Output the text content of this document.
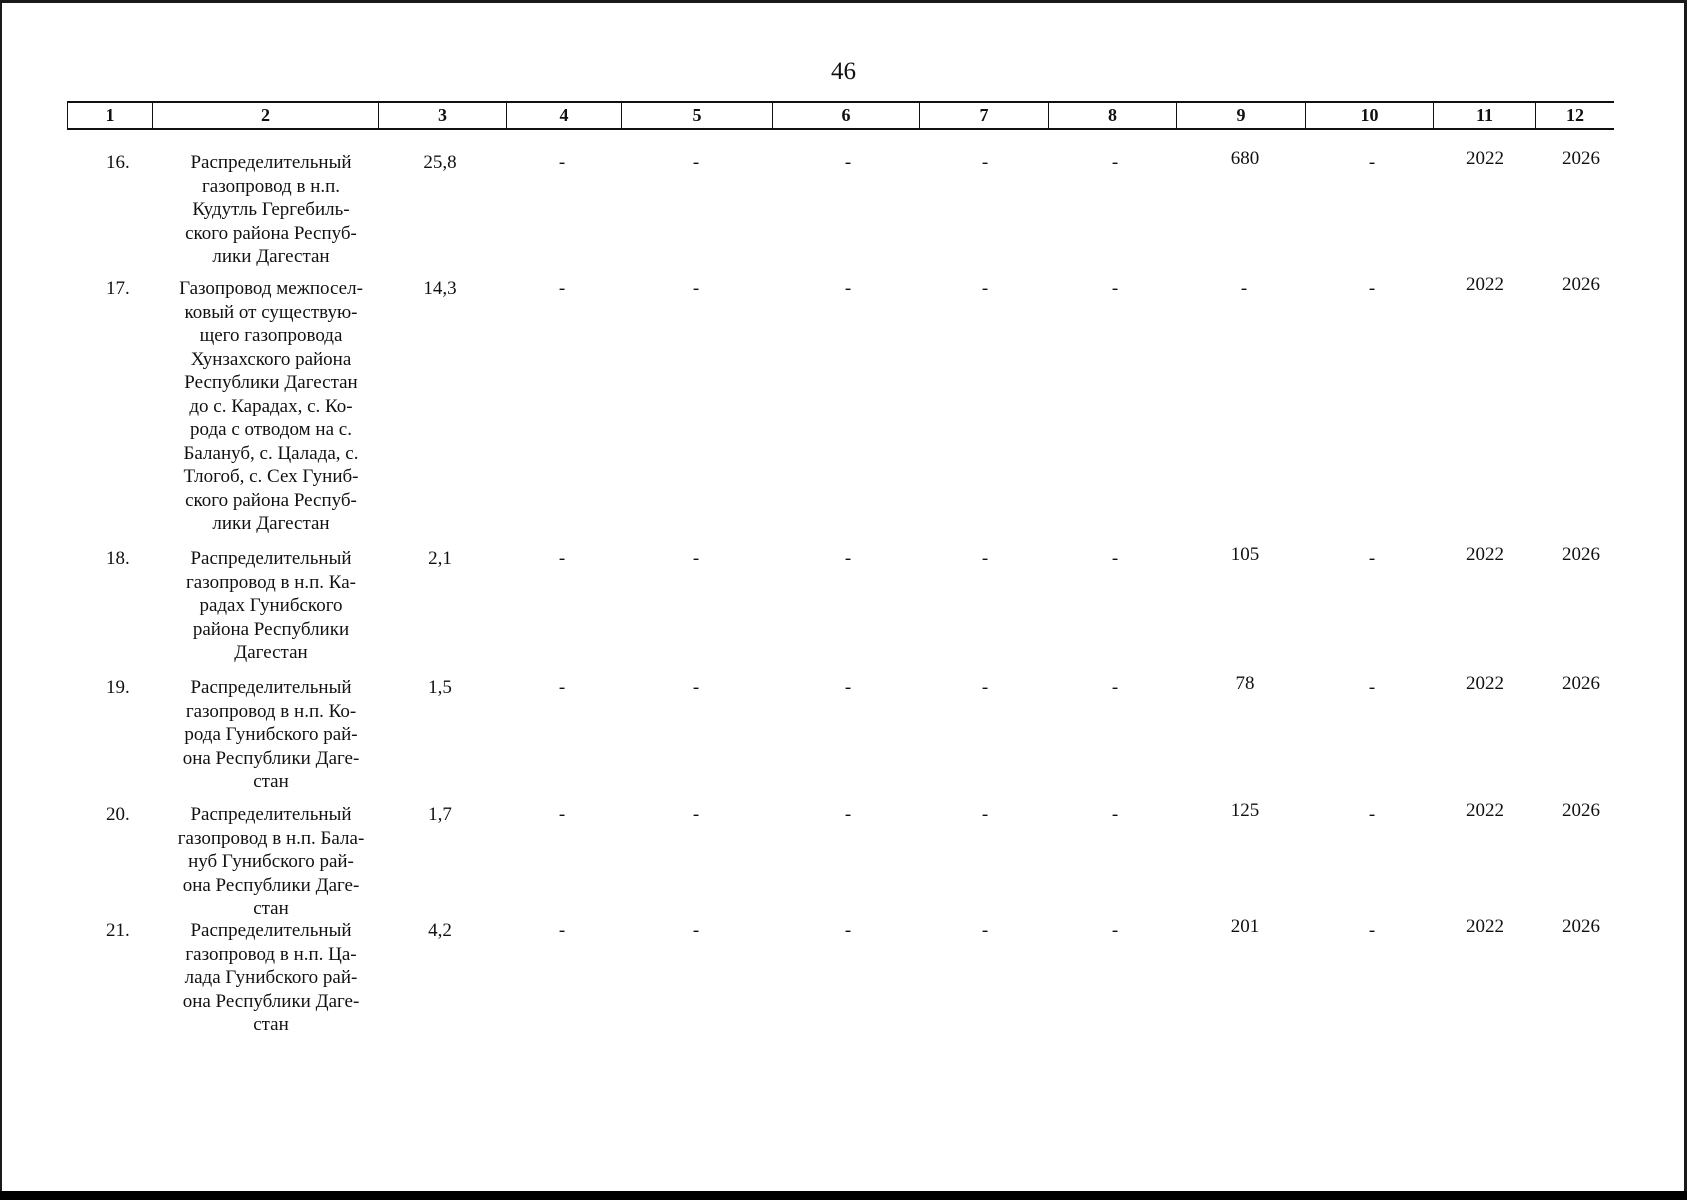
46
1	2	3	4	5	6	7	8	9	10	11	12
16.	Распределительный
газопровод в н.п.
Кудутль Гергебиль-
ского района Респуб-
лики Дагестан
25,8	-	-	-	-	-	680	-	2022	2026
17.	Газопровод межпосел-
ковый от существую-
щего газопровода
Хунзахского района
Республики Дагестан
до с. Карадах, с. Ко-
рода с отводом на с.
Балануб, с. Цалада, с.
Тлогоб, с. Сех Гуниб-
ского района Респуб-
лики Дагестан
14,3	-	-	-	-	-	-	-	2022	2026
18.	Распределительный
газопровод в н.п. Ка-
радах Гунибского
района Республики
Дагестан
2,1	-	-	-	-	-	105	-	2022	2026
19.	Распределительный
газопровод в н.п. Ко-
рода Гунибского рай-
она Республики Даге-
стан
1,5	-	-	-	-	-	78	-	2022	2026
20.	Распределительный
газопровод в н.п. Бала-
нуб Гунибского рай-
она Республики Даге-
стан
1,7	-	-	-	-	-	125	-	2022	2026
21.	Распределительный
газопровод в н.п. Ца-
лада Гунибского рай-
она Республики Даге-
стан
4,2	-	-	-	-	-	201	-	2022	2026
